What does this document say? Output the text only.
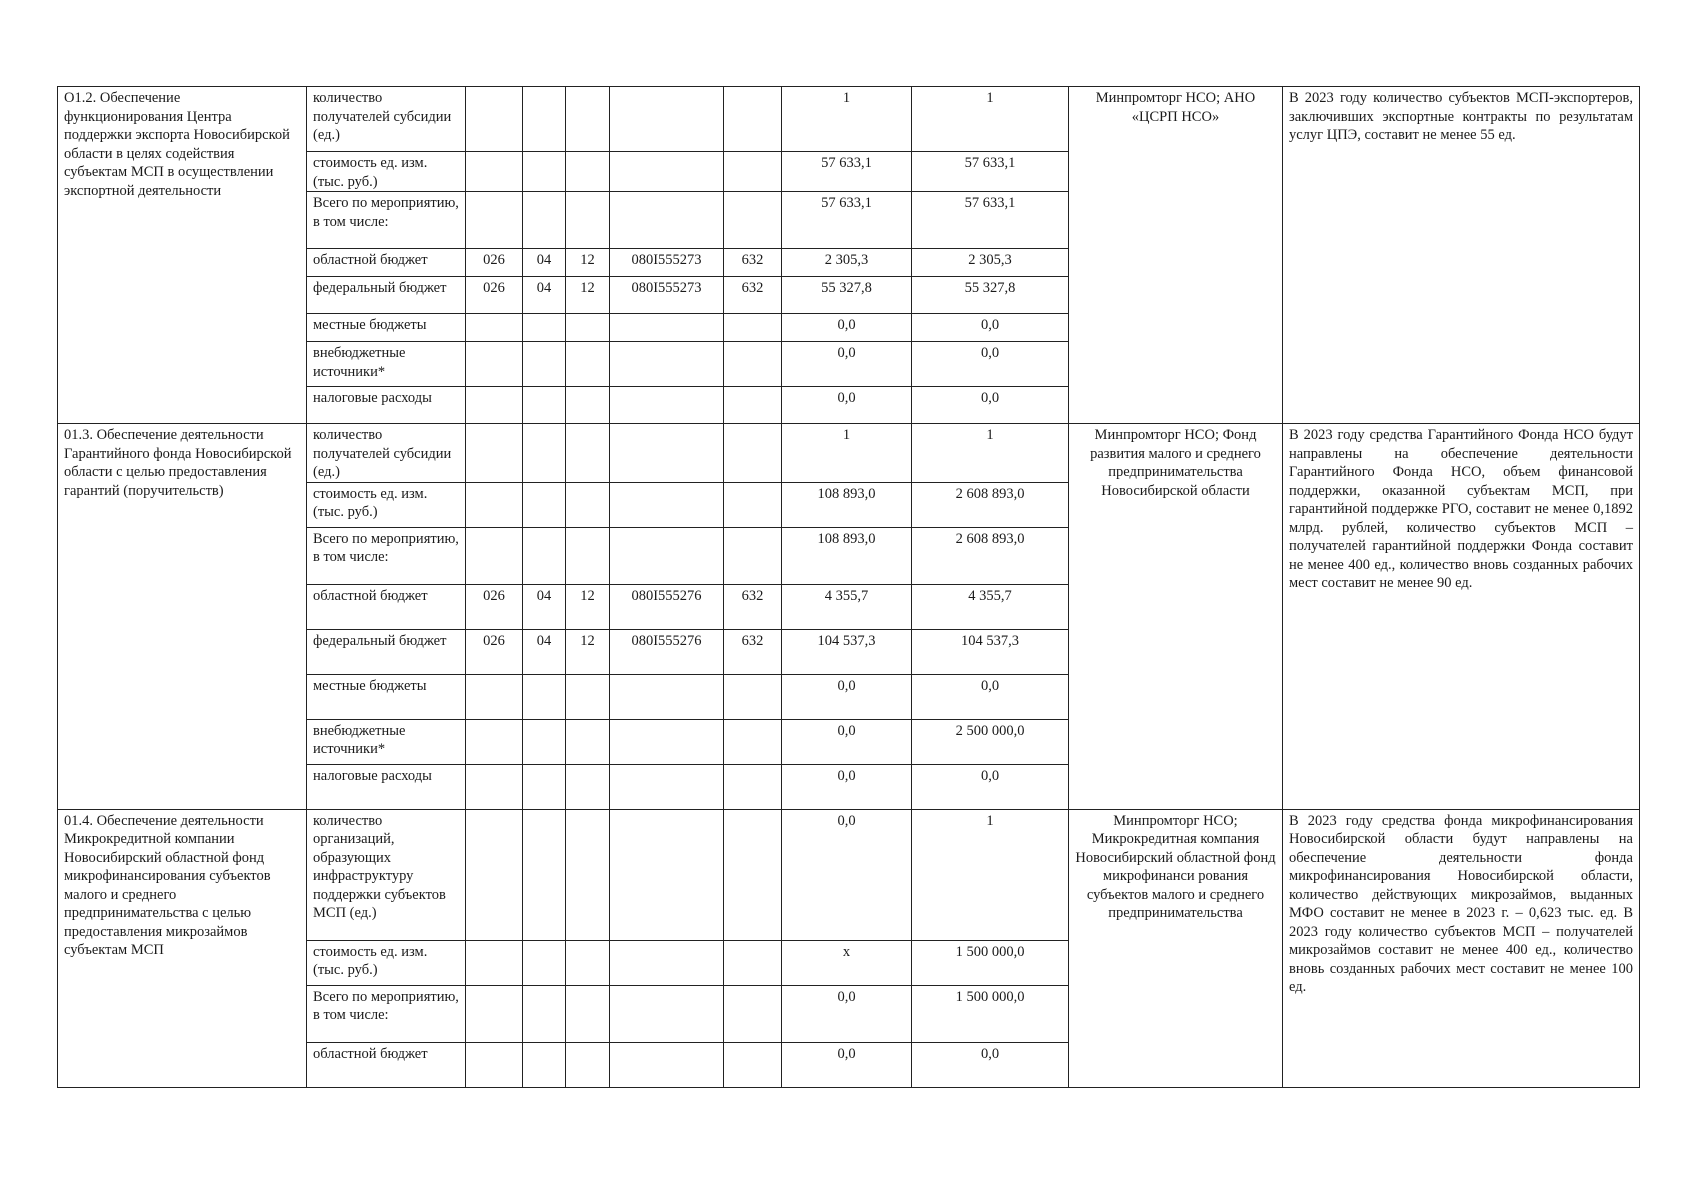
О1.2. Обеспечение функционирования Центра поддержки экспорта Новосибирской области в целях содействия субъектам МСП в осуществлении экспортной деятельности	количество получателей субсидии (ед.)						1	1	Минпромторг НСО; АНО «ЦСРП НСО»	В 2023 году количество субъектов МСП-экспортеров, заключивших экспортные контракты по результатам услуг ЦПЭ, составит не менее 55 ед.
	стоимость ед. изм. (тыс. руб.)						57 633,1	57 633,1		
	Всего по мероприятию, в том числе:						57 633,1	57 633,1		
	областной бюджет	026	04	12	080I555273	632	2 305,3	2 305,3		
	федеральный бюджет	026	04	12	080I555273	632	55 327,8	55 327,8		
	местные бюджеты						0,0	0,0		
	внебюджетные источники*						0,0	0,0		
	налоговые расходы						0,0	0,0		
01.3. Обеспечение деятельности Гарантийного фонда Новосибирской области с целью предоставления гарантий (поручительств)	количество получателей субсидии (ед.)						1	1	Минпромторг НСО; Фонд развития малого и среднего предпринимательства Новосибирской области	В 2023 году средства Гарантийного Фонда НСО будут направлены на обеспечение деятельности Гарантийного Фонда НСО, объем финансовой поддержки, оказанной субъектам МСП, при гарантийной поддержке РГО, составит не менее 0,1892 млрд. рублей, количество субъектов МСП – получателей гарантийной поддержки Фонда составит не менее 400 ед., количество вновь созданных рабочих мест составит не менее 90 ед.
	стоимость ед. изм. (тыс. руб.)						108 893,0	2 608 893,0		
	Всего по мероприятию, в том числе:						108 893,0	2 608 893,0		
	областной бюджет	026	04	12	080I555276	632	4 355,7	4 355,7		
	федеральный бюджет	026	04	12	080I555276	632	104 537,3	104 537,3		
	местные бюджеты						0,0	0,0		
	внебюджетные источники*						0,0	2 500 000,0		
	налоговые расходы						0,0	0,0		
01.4. Обеспечение деятельности Микрокредитной компании Новосибирский областной фонд микрофинансирования субъектов малого и среднего предпринимательства с целью предоставления микрозаймов субъектам МСП	количество организаций, образующих инфраструктуру поддержки субъектов МСП (ед.)						0,0	1	Минпромторг НСО; Микрокредитная компания Новосибирский областной фонд микрофинанси рования субъектов малого и среднего предпринимательства	В 2023 году средства фонда микрофинансирования Новосибирской области будут направлены на обеспечение деятельности фонда микрофинансирования Новосибирской области, количество действующих микрозаймов, выданных МФО составит не менее в 2023 г. – 0,623 тыс. ед. В 2023 году количество субъектов МСП – получателей микрозаймов составит не менее 400 ед., количество вновь созданных рабочих мест составит не менее 100 ед.
	стоимость ед. изм. (тыс. руб.)						х	1 500 000,0		
	Всего по мероприятию, в том числе:						0,0	1 500 000,0		
	областной бюджет						0,0	0,0		
